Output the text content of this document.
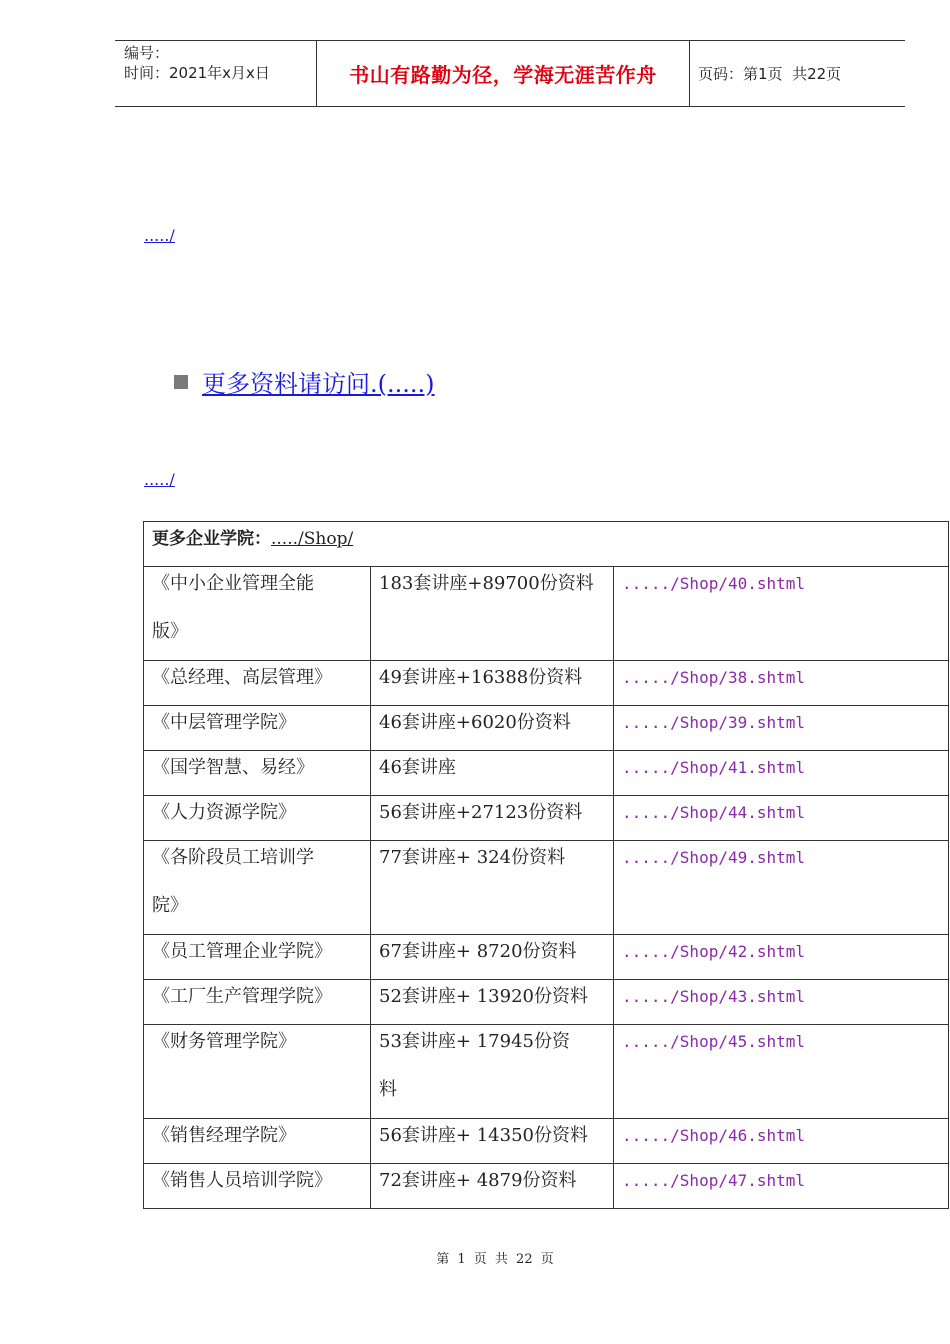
编号：
时间：2021年x月x日	书山有路勤为径，学海无涯苦作舟	页码：第1页  共22页
...../
更多资料请访问.(.....)
...../
更多企业学院：...../Shop/		

《中小企业管理全能
版》	183套讲座+89700份资料	...../Shop/40.shtml

《总经理、高层管理》	49套讲座+16388份资料	...../Shop/38.shtml
《中层管理学院》	46套讲座+6020份资料	...../Shop/39.shtml
《国学智慧、易经》	46套讲座	...../Shop/41.shtml
《人力资源学院》	56套讲座+27123份资料	...../Shop/44.shtml

《各阶段员工培训学
院》	77套讲座+ 324份资料	...../Shop/49.shtml

《员工管理企业学院》	67套讲座+ 8720份资料	...../Shop/42.shtml
《工厂生产管理学院》	52套讲座+ 13920份资料	...../Shop/43.shtml

《财务管理学院》	53套讲座+ 17945份资
料	...../Shop/45.shtml

《销售经理学院》	56套讲座+ 14350份资料	...../Shop/46.shtml
《销售人员培训学院》	72套讲座+ 4879份资料	...../Shop/47.shtml
第 1 页 共 22 页
